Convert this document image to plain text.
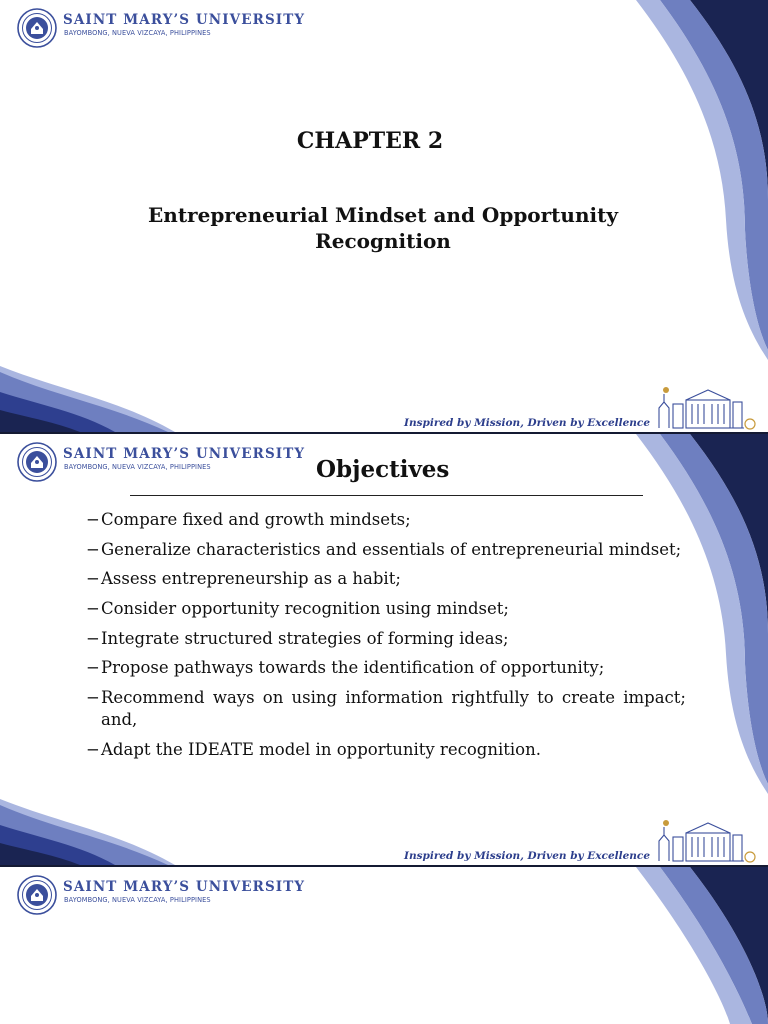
SAINT MARY’S UNIVERSITY
BAYOMBONG, NUEVA VIZCAYA, PHILIPPINES
CHAPTER 2
Entrepreneurial Mindset and Opportunity Recognition
Inspired by Mission, Driven by Excellence
SAINT MARY’S UNIVERSITY
BAYOMBONG, NUEVA VIZCAYA, PHILIPPINES	Objectives
− Compare fixed and growth mindsets;
− Generalize characteristics and essentials of entrepreneurial mindset;
− Assess entrepreneurship as a habit;
− Consider opportunity recognition using mindset;
− Integrate structured strategies of forming ideas;
− Propose pathways towards the identification of opportunity;
− Recommend ways on using information rightfully to create impact; and,
− Adapt the IDEATE model in opportunity recognition.
Inspired by Mission, Driven by Excellence
SAINT MARY’S UNIVERSITY
BAYOMBONG, NUEVA VIZCAYA, PHILIPPINES
